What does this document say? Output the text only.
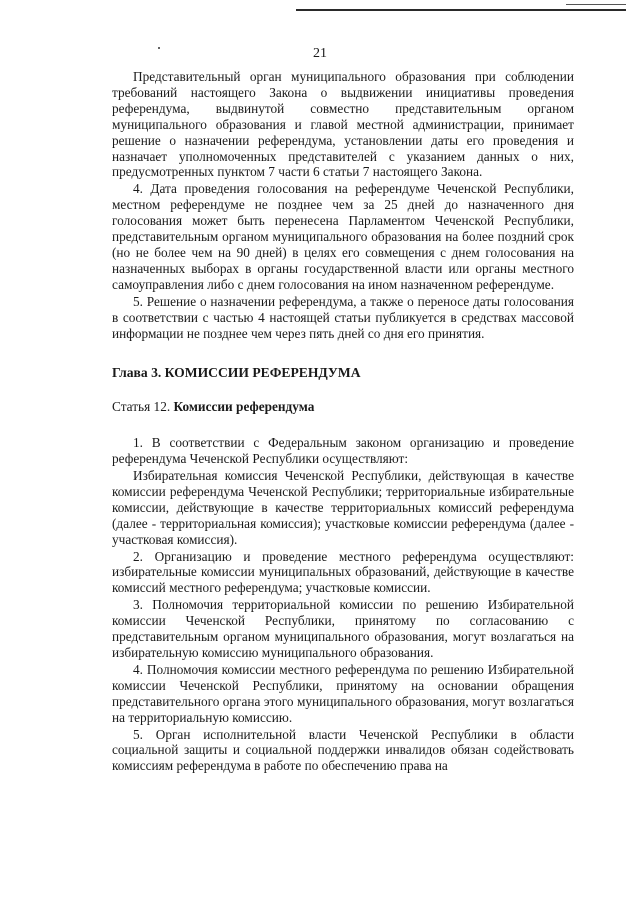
21

Представительный орган муниципального образования при соблюдении требований настоящего Закона о выдвижении инициативы проведения референдума, выдвинутой совместно представительным органом муниципального образования и главой местной администрации, принимает решение о назначении референдума, установлении даты его проведения и назначает уполномоченных представителей с указанием данных о них, предусмотренных пунктом 7 части 6 статьи 7 настоящего Закона.

4. Дата проведения голосования на референдуме Чеченской Республики, местном референдуме не позднее чем за 25 дней до назначенного дня голосования может быть перенесена Парламентом Чеченской Республики, представительным органом муниципального образования на более поздний срок (но не более чем на 90 дней) в целях его совмещения с днем голосования на назначенных выборах в органы государственной власти или органы местного самоуправления либо с днем голосования на ином назначенном референдуме.

5. Решение о назначении референдума, а также о переносе даты голосования в соответствии с частью 4 настоящей статьи публикуется в средствах массовой информации не позднее чем через пять дней со дня его принятия.

Глава 3. КОМИССИИ РЕФЕРЕНДУМА

Статья 12. Комиссии референдума

1. В соответствии с Федеральным законом организацию и проведение референдума Чеченской Республики осуществляют:

Избирательная комиссия Чеченской Республики, действующая в качестве комиссии референдума Чеченской Республики; территориальные избирательные комиссии, действующие в качестве территориальных комиссий референдума (далее - территориальная комиссия); участковые комиссии референдума (далее - участковая комиссия).

2. Организацию и проведение местного референдума осуществляют: избирательные комиссии муниципальных образований, действующие в качестве комиссий местного референдума; участковые комиссии.

3. Полномочия территориальной комиссии по решению Избирательной комиссии Чеченской Республики, принятому по согласованию с представительным органом муниципального образования, могут возлагаться на избирательную комиссию муниципального образования.

4. Полномочия комиссии местного референдума по решению Избирательной комиссии Чеченской Республики, принятому на основании обращения представительного органа этого муниципального образования, могут возлагаться на территориальную комиссию.

5. Орган исполнительной власти Чеченской Республики в области социальной защиты и социальной поддержки инвалидов обязан содействовать комиссиям референдума в работе по обеспечению права на
